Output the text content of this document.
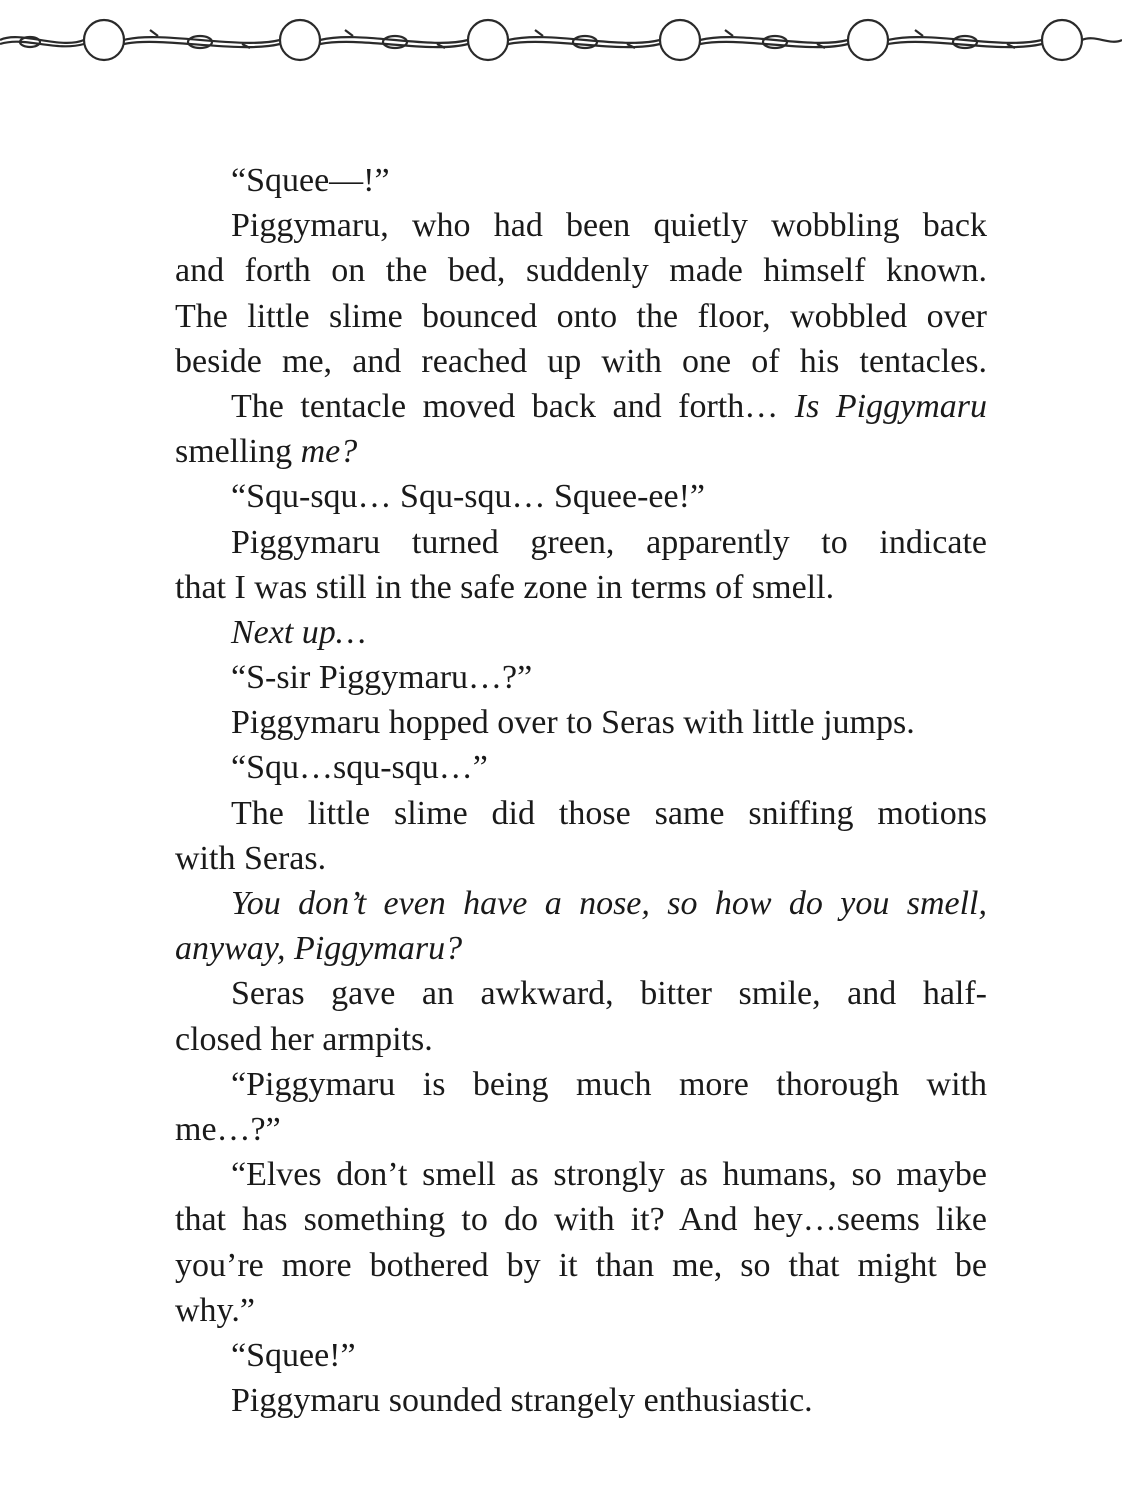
“Squee—!”
Piggymaru, who had been quietly wobbling back
and forth on the bed, suddenly made himself known.
The little slime bounced onto the floor, wobbled over
beside me, and reached up with one of his tentacles.
The tentacle moved back and forth… Is Piggymaru
smelling me?
“Squ-squ… Squ-squ… Squee-ee!”
Piggymaru turned green, apparently to indicate
that I was still in the safe zone in terms of smell.
Next up…
“S-sir Piggymaru…?”
Piggymaru hopped over to Seras with little jumps.
“Squ…squ-squ…”
The little slime did those same sniffing motions
with Seras.
You don’t even have a nose, so how do you smell,
anyway, Piggymaru?
Seras gave an awkward, bitter smile, and half-
closed her armpits.
“Piggymaru is being much more thorough with
me…?”
“Elves don’t smell as strongly as humans, so maybe
that has something to do with it? And hey…seems like
you’re more bothered by it than me, so that might be
why.”
“Squee!”
Piggymaru sounded strangely enthusiastic.
